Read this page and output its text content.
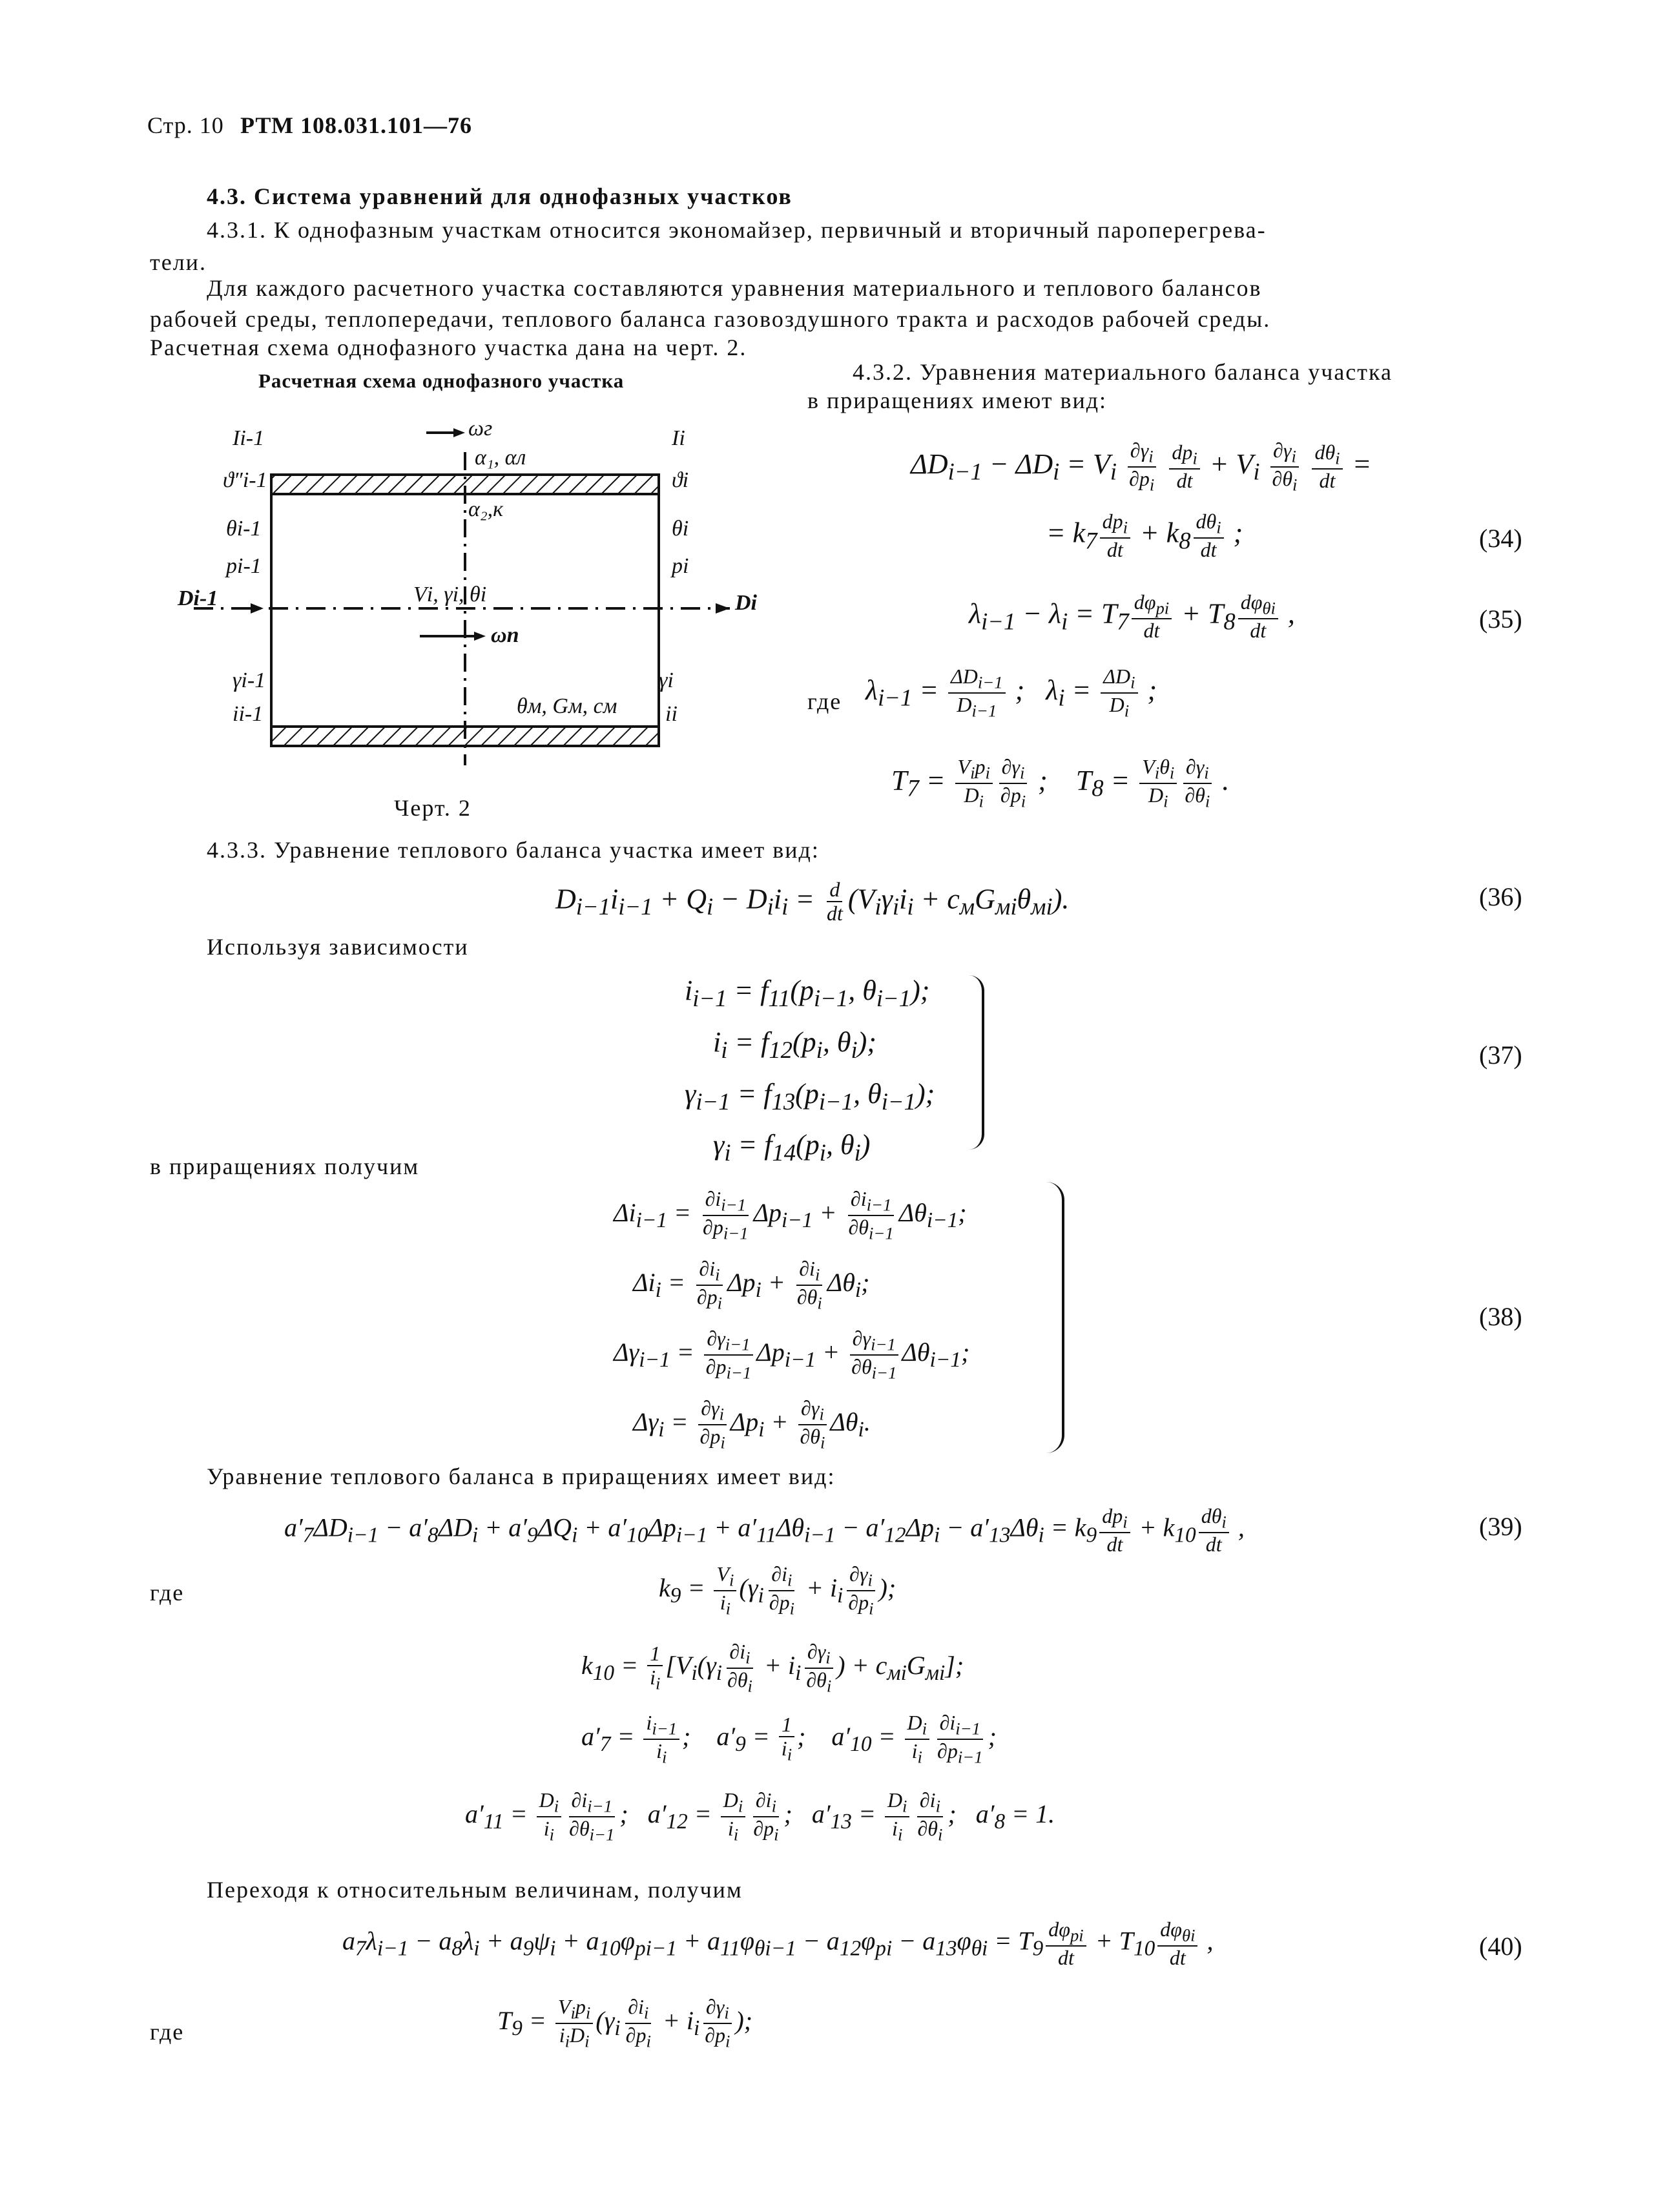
Стр. 10 РТМ 108.031.101—76
4.3. Система уравнений для однофазных участков
4.3.1. К однофазным участкам относится экономайзер, первичный и вторичный пароперегрева-
тели.
Для каждого расчетного участка составляются уравнения материального и теплового балансов
рабочей среды, теплопередачи, теплового баланса газовоздушного тракта и расходов рабочей среды.
Расчетная схема однофазного участка дана на черт. 2.
Расчетная схема однофазного участка
Iі-1
ϑ″і-1
θі-1
рі-1
Dі-1
γі-1
іі-1
Iі
ϑі
θі
рі
Dі
γі
іі
ωг
α₁, αл
α₂,к
Vі, γі, θі
ωп
θм, Gм, cм
Черт. 2
4.3.2. Уравнения материального баланса участка
в приращениях имеют вид:
$\Delta D_{i-1} - \Delta D_i = V_i \frac{\partial\gamma_i}{\partial p_i}$
$\frac{dp_i}{dt} + V_i \frac{\partial\gamma_i}{\partial\theta_i}$
$\frac{d\theta_i}{dt}$ =
= $k_7 \frac{dp_i}{dt} + k_8 \frac{d\theta_i}{dt}$ ;	(34)
$\lambda_{i-1} - \lambda_i = T_7 \frac{d\varphi_{pi}}{dt} + T_8 \frac{d\varphi_{\theta i}}{dt}$ ,	(35)
где $\lambda_{i-1} = \frac{\Delta D_{i-1}}{D_{i-1}}$ ;   $\lambda_i = \frac{\Delta D_i}{D_i}$ ;
$T_7 = \frac{V_ip_i}{D_i} \frac{\partial\gamma_i}{\partial p_i}$ ;    $T_8 = \frac{V_i\theta_i}{D_i} \frac{\partial\gamma_i}{\partial\theta_i}$ .
4.3.3. Уравнение теплового баланса участка имеет вид:
$D_{i-1}i_{i-1} + Q_i - D_ii_i = \frac{d}{dt} (V_i\gamma_ii_i + c_мG_{мi}\theta_{мi})$.	(36)
Используя зависимости
$i_{i-1} = f_{11}(p_{i-1}$, $\theta_{i-1}$);
$i_i = f_{12}(p_i$, $\theta_i$);
$\gamma_{i-1} = f_{13}(p_{i-1}$, $\theta_{i-1}$);
$\gamma_i = f_{14}(p_i$, $\theta_i$)
(37)
в приращениях получим
$\Delta i_{i-1} = \frac{\partial i_{i-1}}{\partial p_{i-1}} \Delta p_{i-1} + \frac{\partial i_{i-1}}{\partial\theta_{i-1}} \Delta\theta_{i-1}$;
$\Delta i_i = \frac{\partial i_i}{\partial p_i} \Delta p_i + \frac{\partial i_i}{\partial\theta_i} \Delta\theta_i$;
$\Delta\gamma_{i-1} = \frac{\partial\gamma_{i-1}}{\partial p_{i-1}} \Delta p_{i-1} + \frac{\partial\gamma_{i-1}}{\partial\theta_{i-1}} \Delta\theta_{i-1}$;
$\Delta\gamma_i = \frac{\partial\gamma_i}{\partial p_i} \Delta p_i + \frac{\partial\gamma_i}{\partial\theta_i} \Delta\theta_i$.
(38)
Уравнение теплового баланса в приращениях имеет вид:
$a'_7\Delta D_{i-1} - a'_8\Delta D_i + a'_9\Delta Q_i + a'_{10}\Delta p_{i-1} + a'_{11}\Delta\theta_{i-1} - a'_{12}\Delta p_i - a'_{13}\Delta\theta_i = k_9 \frac{dp_i}{dt} + k_{10} \frac{d\theta_i}{dt}$ ,	(39)
где	$k_9 = \frac{V_i}{i_i} (\gamma_i \frac{\partial i_i}{\partial p_i} + i_i \frac{\partial\gamma_i}{\partial p_i}$ );
$k_{10} = \frac{1}{i_i} [V_i(\gamma_i \frac{\partial i_i}{\partial\theta_i} + i_i \frac{\partial\gamma_i}{\partial\theta_i}$ ) + $c_{мi}G_{мi}$];
$a'_7 = \frac{i_{i-1}}{i_i}$ ;    $a'_9 = \frac{1}{i_i}$ ;    $a'_{10} = \frac{D_i}{i_i} \frac{\partial i_{i-1}}{\partial p_{i-1}}$ ;
$a'_{11} = \frac{D_i}{i_i} \frac{\partial i_{i-1}}{\partial\theta_{i-1}}$ ;   $a'_{12} = \frac{D_i}{i_i} \frac{\partial i_i}{\partial p_i}$ ;   $a'_{13} = \frac{D_i}{i_i} \frac{\partial i_i}{\partial\theta_i}$ ;   $a'_8 = 1$.
Переходя к относительным величинам, получим
$a_7\lambda_{i-1} - a_8\lambda_i + a_9\psi_i + a_{10}\varphi_{pi-1} + a_{11}\varphi_{\theta i-1} - a_{12}\varphi_{pi} - a_{13}\varphi_{\theta i} = T_9 \frac{d\varphi_{pi}}{dt} + T_{10} \frac{d\varphi_{\theta i}}{dt}$ ,	(40)
где	$T_9 = \frac{V_ip_i}{i_iD_i} (\gamma_i \frac{\partial i_i}{\partial p_i} + i_i \frac{\partial\gamma_i}{\partial p_i}$ );
